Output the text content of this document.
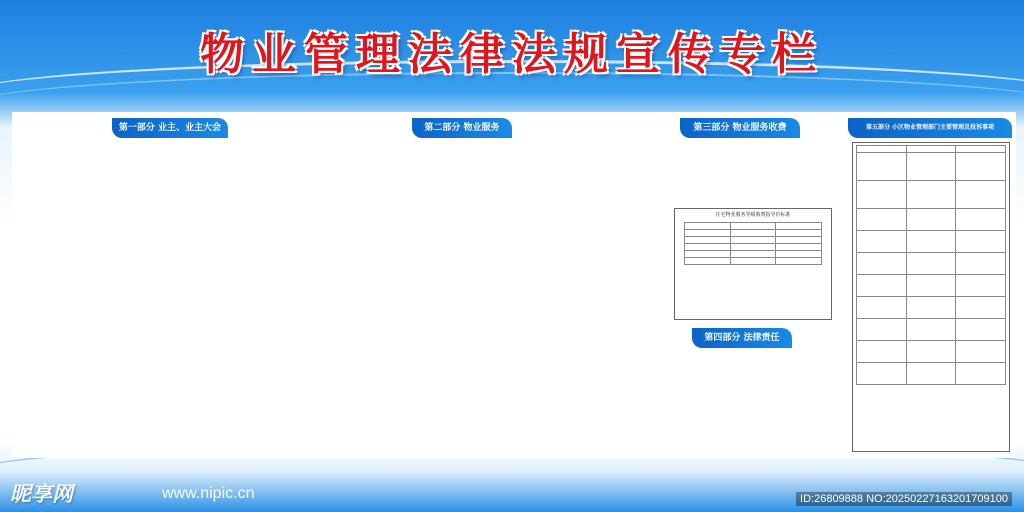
物业管理法律法规宣传专栏
第一部分 业主、业主大会	第二部分 物业服务	第三部分 物业服务收费
住宅物业服务等级收费指导价标准

第四部分 法律责任
第五部分 小区物业管理部门主要管理及投诉事项

昵享网	www.nipic.cn	ID:26809888 NO:20250227163201709100
